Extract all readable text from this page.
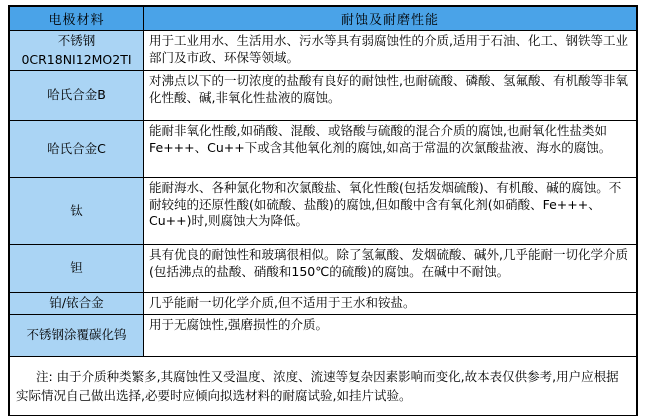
电极材料	耐蚀及耐磨性能

不锈钢
0CR18NI12MO2TI	用于工业用水、生活用水、污水等具有弱腐蚀性的介质,适用于石油、化工、钢铁等工业部门及市政、环保等领域。

哈氏合金B	对沸点以下的一切浓度的盐酸有良好的耐蚀性,也耐硫酸、磷酸、氢氟酸、有机酸等非氧化性酸、碱,非氧化性盐液的腐蚀。

哈氏合金C	能耐非氧化性酸,如硝酸、混酸、或铬酸与硫酸的混合介质的腐蚀,也耐氧化性盐类如Fe+++、Cu++下或含其他氧化剂的腐蚀,如高于常温的次氯酸盐液、海水的腐蚀。

钛	能耐海水、各种氯化物和次氯酸盐、氧化性酸(包括发烟硫酸)、有机酸、碱的腐蚀。不耐较纯的还原性酸(如硫酸、盐酸)的腐蚀,但如酸中含有氧化剂(如硝酸、Fe+++、Cu++)时,则腐蚀大为降低。

钽	具有优良的耐蚀性和玻璃很相似。除了氢氟酸、发烟硫酸、碱外,几乎能耐一切化学介质(包括沸点的盐酸、硝酸和150℃的硫酸)的腐蚀。在碱中不耐蚀。

铂/铱合金	几乎能耐一切化学介质,但不适用于王水和铵盐。

不锈钢涂覆碳化钨	用于无腐蚀性,强磨损性的介质。
注: 由于介质种类繁多,其腐蚀性又受温度、浓度、流速等复杂因素影响而变化,故本表仅供参考,用户应根据实际情况自己做出选择,必要时应倾向拟选材料的耐腐试验,如挂片试验。	
